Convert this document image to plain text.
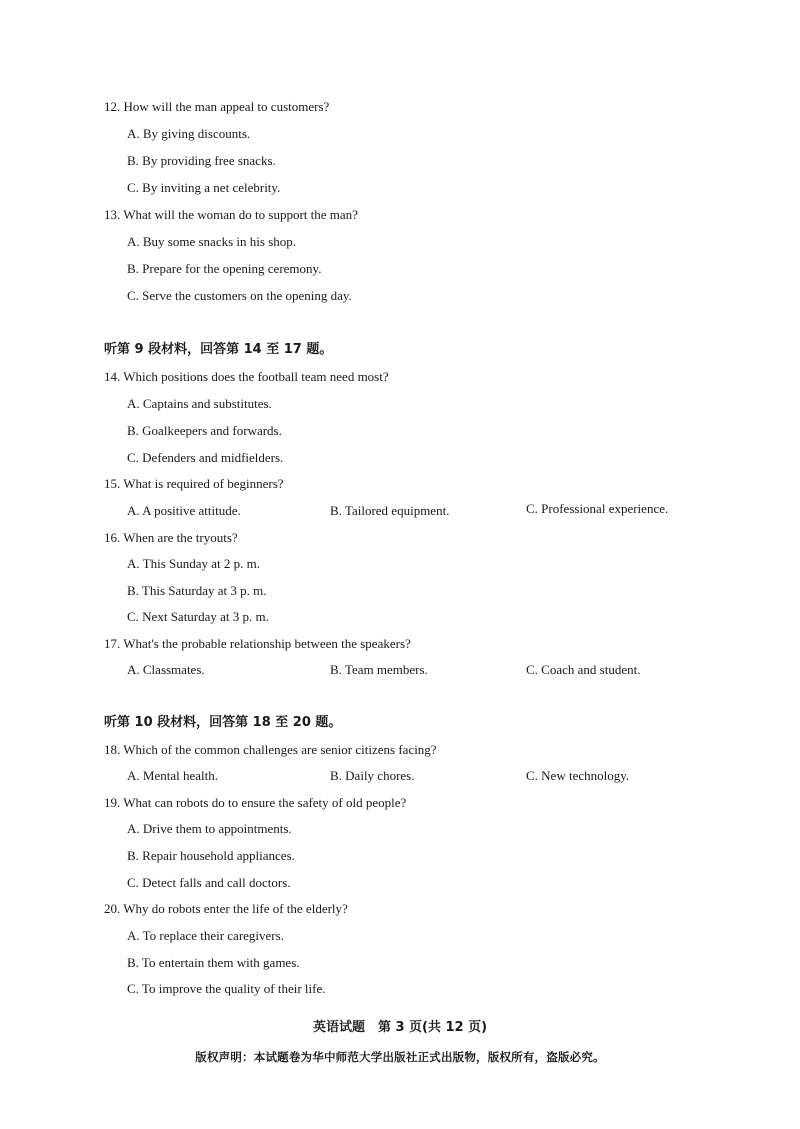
12. How will the man appeal to customers?
A. By giving discounts.
B. By providing free snacks.
C. By inviting a net celebrity.
13. What will the woman do to support the man?
A. Buy some snacks in his shop.
B. Prepare for the opening ceremony.
C. Serve the customers on the opening day.
听第 9 段材料，回答第 14 至 17 题。
14. Which positions does the football team need most?
A. Captains and substitutes.
B. Goalkeepers and forwards.
C. Defenders and midfielders.
15. What is required of beginners?
A. A positive attitude.	B. Tailored equipment.	C. Professional experience.
16. When are the tryouts?
A. This Sunday at 2 p. m.
B. This Saturday at 3 p. m.
C. Next Saturday at 3 p. m.
17. What's the probable relationship between the speakers?
A. Classmates.	B. Team members.	C. Coach and student.
听第 10 段材料，回答第 18 至 20 题。
18. Which of the common challenges are senior citizens facing?
A. Mental health.	B. Daily chores.	C. New technology.
19. What can robots do to ensure the safety of old people?
A. Drive them to appointments.
B. Repair household appliances.
C. Detect falls and call doctors.
20. Why do robots enter the life of the elderly?
A. To replace their caregivers.
B. To entertain them with games.
C. To improve the quality of their life.
英语试题　第 3 页(共 12 页)
版权声明：本试题卷为华中师范大学出版社正式出版物，版权所有，盗版必究。
